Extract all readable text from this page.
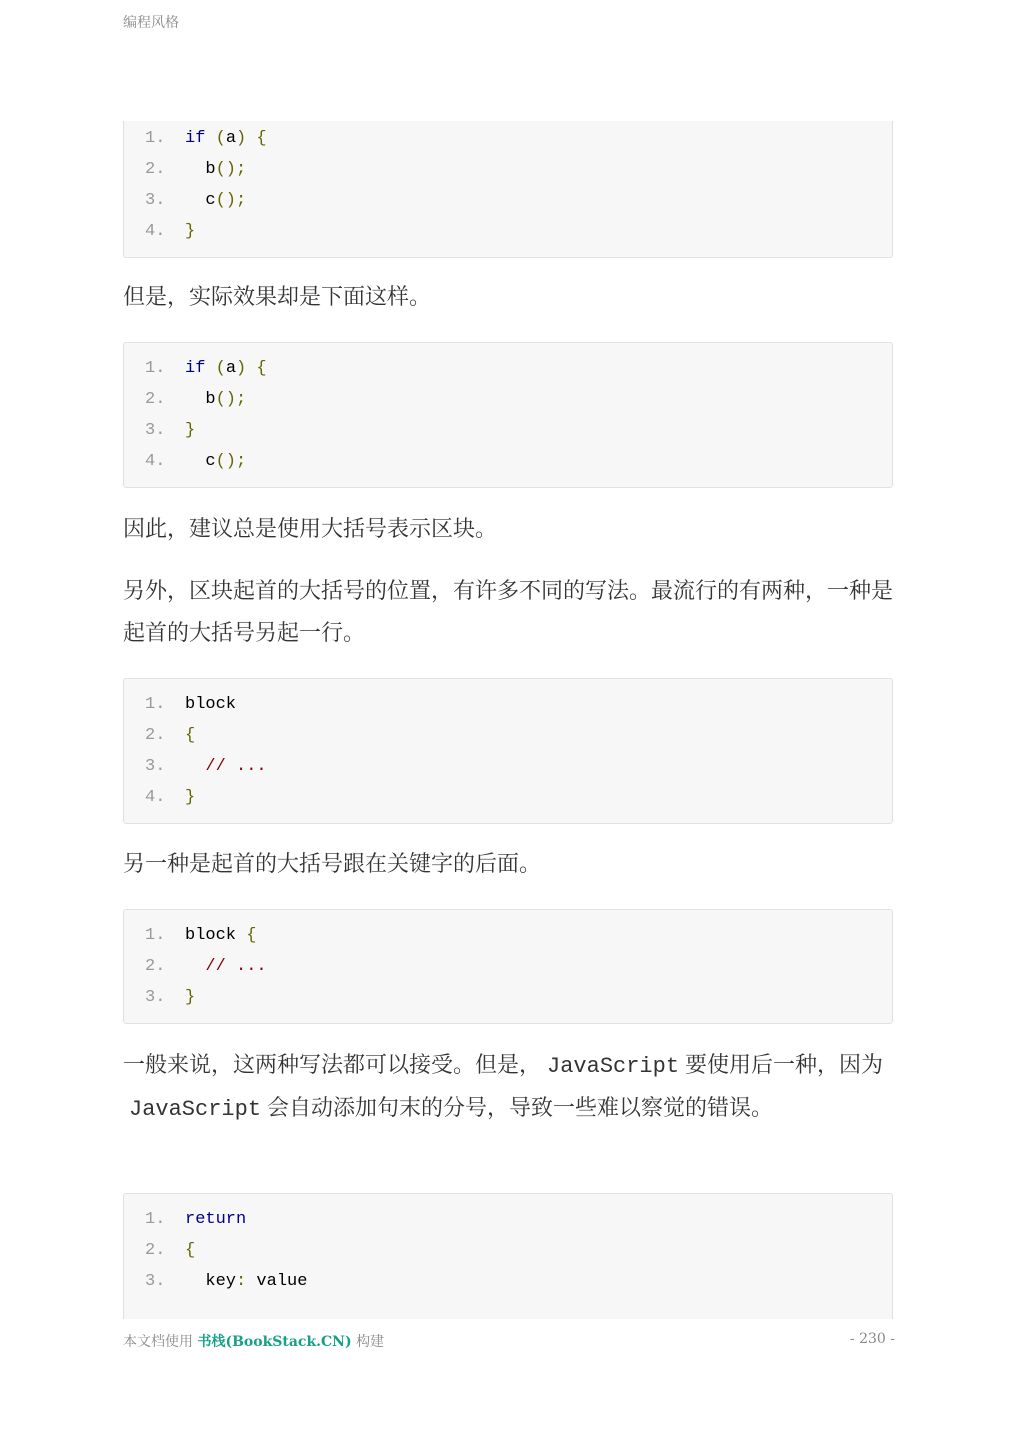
编程风格
1. if (a) {
2.  b();
3.  c();
4. }

但是，实际效果却是下面这样。

1. if (a) {
2.  b();
3. }
4.  c();

因此，建议总是使用大括号表示区块。

另外，区块起首的大括号的位置，有许多不同的写法。最流行的有两种，一种是起首的大括号另起一行。

1. block
2. {
3. // ...
4. }

另一种是起首的大括号跟在关键字的后面。

1. block {
2. // ...
3. }

一般来说，这两种写法都可以接受。但是， JavaScript 要使用后一种，因为JavaScript 会自动添加句末的分号，导致一些难以察觉的错误。

1. return
2. {
3.  key: value
本文档使用 书栈(BookStack.CN) 构建	- 230 -
